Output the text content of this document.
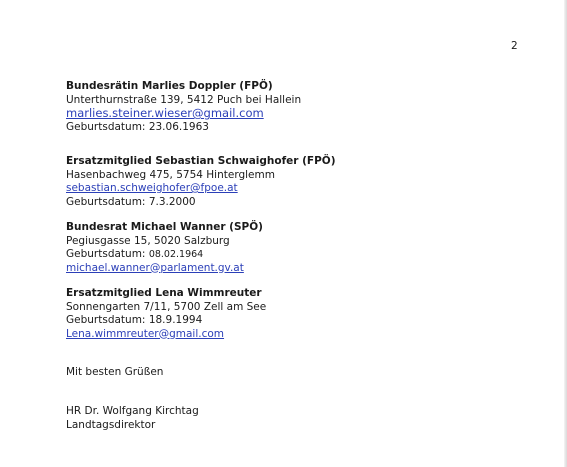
2
Bundesrätin Marlies Doppler (FPÖ)
Unterthurnstraße 139, 5412 Puch bei Hallein
marlies.steiner.wieser@gmail.com
Geburtsdatum: 23.06.1963
Ersatzmitglied Sebastian Schwaighofer (FPÖ)
Hasenbachweg 475, 5754 Hinterglemm
sebastian.schweighofer@fpoe.at
Geburtsdatum: 7.3.2000
Bundesrat Michael Wanner (SPÖ)
Pegiusgasse 15, 5020 Salzburg
Geburtsdatum: 08.02.1964
michael.wanner@parlament.gv.at
Ersatzmitglied Lena Wimmreuter
Sonnengarten 7/11, 5700 Zell am See
Geburtsdatum: 18.9.1994
Lena.wimmreuter@gmail.com
Mit besten Grüßen
HR Dr. Wolfgang Kirchtag
Landtagsdirektor
